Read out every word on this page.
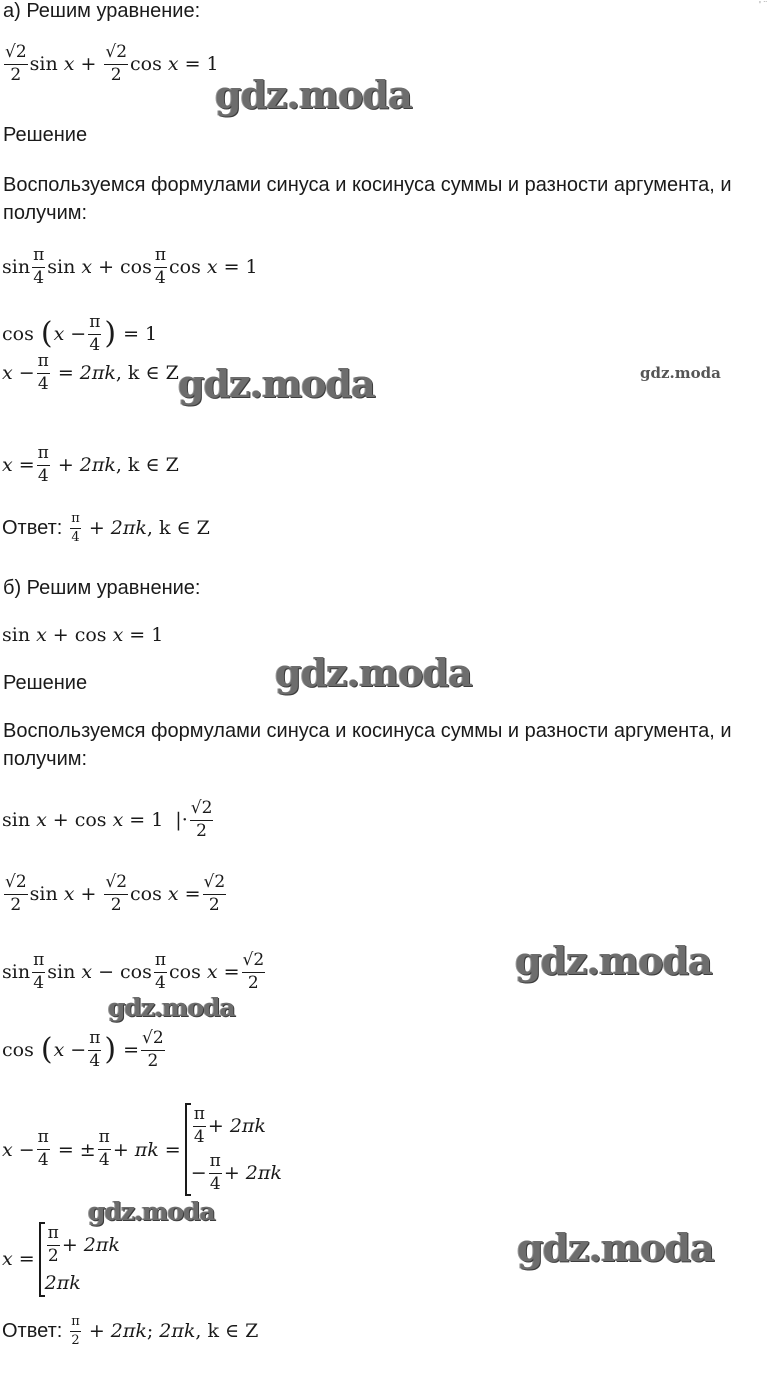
' ¨
а) Решим уравнение:
$\frac{√2}{2}$ $\sin x + \frac{√2}{2}$ cos x = 1
Решение
Воспользуемся формулами синуса и косинуса суммы и разности аргумента, и
получим:
$\sin \frac{\pi}{4}$ $\sin x + \cos \frac{\pi}{4}$ cos x = 1
cos ( $x - \frac{\pi}{4}$ ) = 1
$x - \frac{\pi}{4} = 2\pi k$ , k ∈ Z
$x = \frac{\pi}{4} + 2\pi k$ , k ∈ Z
Ответ: $\frac{\pi}{4} + 2\pi k$ , k ∈ Z
б) Решим уравнение:
sin x + cos x = 1
Решение
Воспользуемся формулами синуса и косинуса суммы и разности аргумента, и
получим:
sin x + cos x = 1 |· $\frac{√2}{2}$
$\frac{√2}{2}$ $\sin x + \frac{√2}{2}$ $\cos x = \frac{√2}{2}$
$\sin \frac{\pi}{4}$ $\sin x - \cos \frac{\pi}{4}$ $\cos x = \frac{√2}{2}$
cos ( $x - \frac{\pi}{4}$ ) = $\frac{√2}{2}$
$x - \frac{\pi}{4}$ = ± $\frac{\pi}{4} + \pi k$ =
$\frac{\pi}{4} + 2\pi k$
− $\frac{\pi}{4} + 2\pi k$
$x = \frac{\pi}{2} + 2\pi k$
2πk
Ответ: $\frac{\pi}{2} + 2\pi k$ ; 2πk , k ∈ Z
gdz.moda
gdz.moda	gdz.moda
gdz.moda
gdz.moda
gdz.moda
gdz.moda
gdz.moda
